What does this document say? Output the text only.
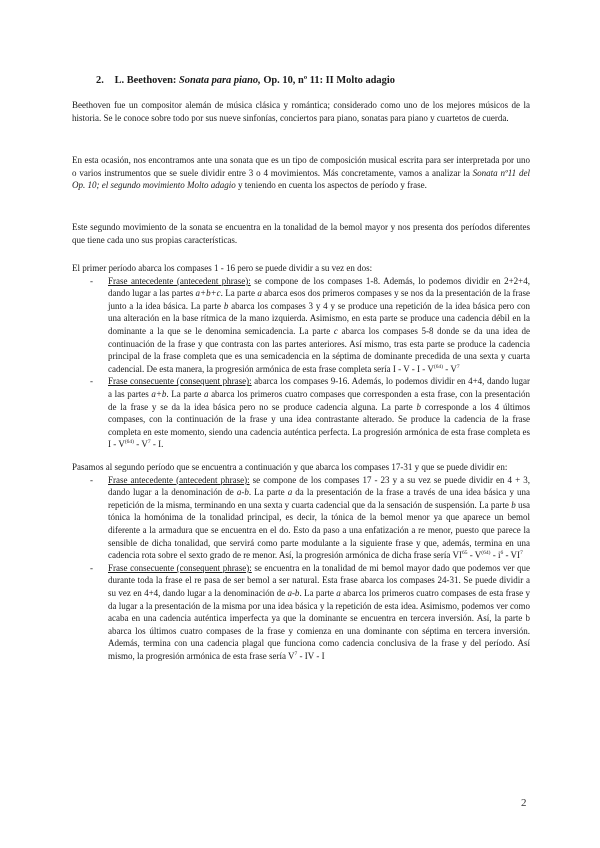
2. L. Beethoven: Sonata para piano, Op. 10, nº 11: II Molto adagio

Beethoven fue un compositor alemán de música clásica y romántica; considerado como uno de los mejores músicos de la historia. Se le conoce sobre todo por sus nueve sinfonías, conciertos para piano, sonatas para piano y cuartetos de cuerda.

En esta ocasión, nos encontramos ante una sonata que es un tipo de composición musical escrita para ser interpretada por uno o varios instrumentos que se suele dividir entre 3 o 4 movimientos. Más concretamente, vamos a analizar la Sonata nº11 del Op. 10; el segundo movimiento Molto adagio y teniendo en cuenta los aspectos de período y frase.

Este segundo movimiento de la sonata se encuentra en la tonalidad de la bemol mayor y nos presenta dos períodos diferentes que tiene cada uno sus propias características.

El primer período abarca los compases 1 - 16 pero se puede dividir a su vez en dos:

- Frase antecedente (antecedent phrase): se compone de los compases 1-8. Además, lo podemos dividir en 2+2+4, dando lugar a las partes a+b+c. La parte a abarca esos dos primeros compases y se nos da la presentación de la frase junto a la idea básica. La parte b abarca los compases 3 y 4 y se produce una repetición de la idea básica pero con una alteración en la base rítmica de la mano izquierda. Asimismo, en esta parte se produce una cadencia débil en la dominante a la que se le denomina semicadencia. La parte c abarca los compases 5-8 donde se da una idea de continuación de la frase y que contrasta con las partes anteriores. Así mismo, tras esta parte se produce la cadencia principal de la frase completa que es una semicadencia en la séptima de dominante precedida de una sexta y cuarta cadencial. De esta manera, la progresión armónica de esta frase completa sería I - V - I - $V^{(64)} - V^7$
- Frase consecuente (consequent phrase): abarca los compases 9-16. Además, lo podemos dividir en 4+4, dando lugar a las partes a+b. La parte a abarca los primeros cuatro compases que corresponden a esta frase, con la presentación de la frase y se da la idea básica pero no se produce cadencia alguna. La parte b corresponde a los 4 últimos compases, con la continuación de la frase y una idea contrastante alterado. Se produce la cadencia de la frase completa en este momento, siendo una cadencia auténtica perfecta. La progresión armónica de esta frase completa es I - $V^{(64)} - V^7$ - I.

Pasamos al segundo período que se encuentra a continuación y que abarca los compases 17-31 y que se puede dividir en:

- Frase antecedente (antecedent phrase): se compone de los compases 17 - 23 y a su vez se puede dividir en 4 + 3, dando lugar a la denominación de a-b. La parte a da la presentación de la frase a través de una idea básica y una repetición de la misma, terminando en una sexta y cuarta cadencial que da la sensación de suspensión. La parte b usa tónica la homónima de la tonalidad principal, es decir, la tónica de la bemol menor ya que aparece un bemol diferente a la armadura que se encuentra en el do. Esto da paso a una enfatización a re menor, puesto que parece la sensible de dicha tonalidad, que servirá como parte modulante a la siguiente frase y que, además, termina en una cadencia rota sobre el sexto grado de re menor. Así, la progresión armónica de dicha frase sería $VI^{65} - V^{(64)} - i^6 - VI^7$
- Frase consecuente (consequent phrase): se encuentra en la tonalidad de mi bemol mayor dado que podemos ver que durante toda la frase el re pasa de ser bemol a ser natural. Esta frase abarca los compases 24-31. Se puede dividir a su vez en 4+4, dando lugar a la denominación de a-b. La parte a abarca los primeros cuatro compases de esta frase y da lugar a la presentación de la misma por una idea básica y la repetición de esta idea. Asimismo, podemos ver como acaba en una cadencia auténtica imperfecta ya que la dominante se encuentra en tercera inversión. Así, la parte b abarca los últimos cuatro compases de la frase y comienza en una dominante con séptima en tercera inversión. Además, termina con una cadencia plagal que funciona como cadencia conclusiva de la frase y del período. Así mismo, la progresión armónica de esta frase sería $V^7$ - IV - I
2
